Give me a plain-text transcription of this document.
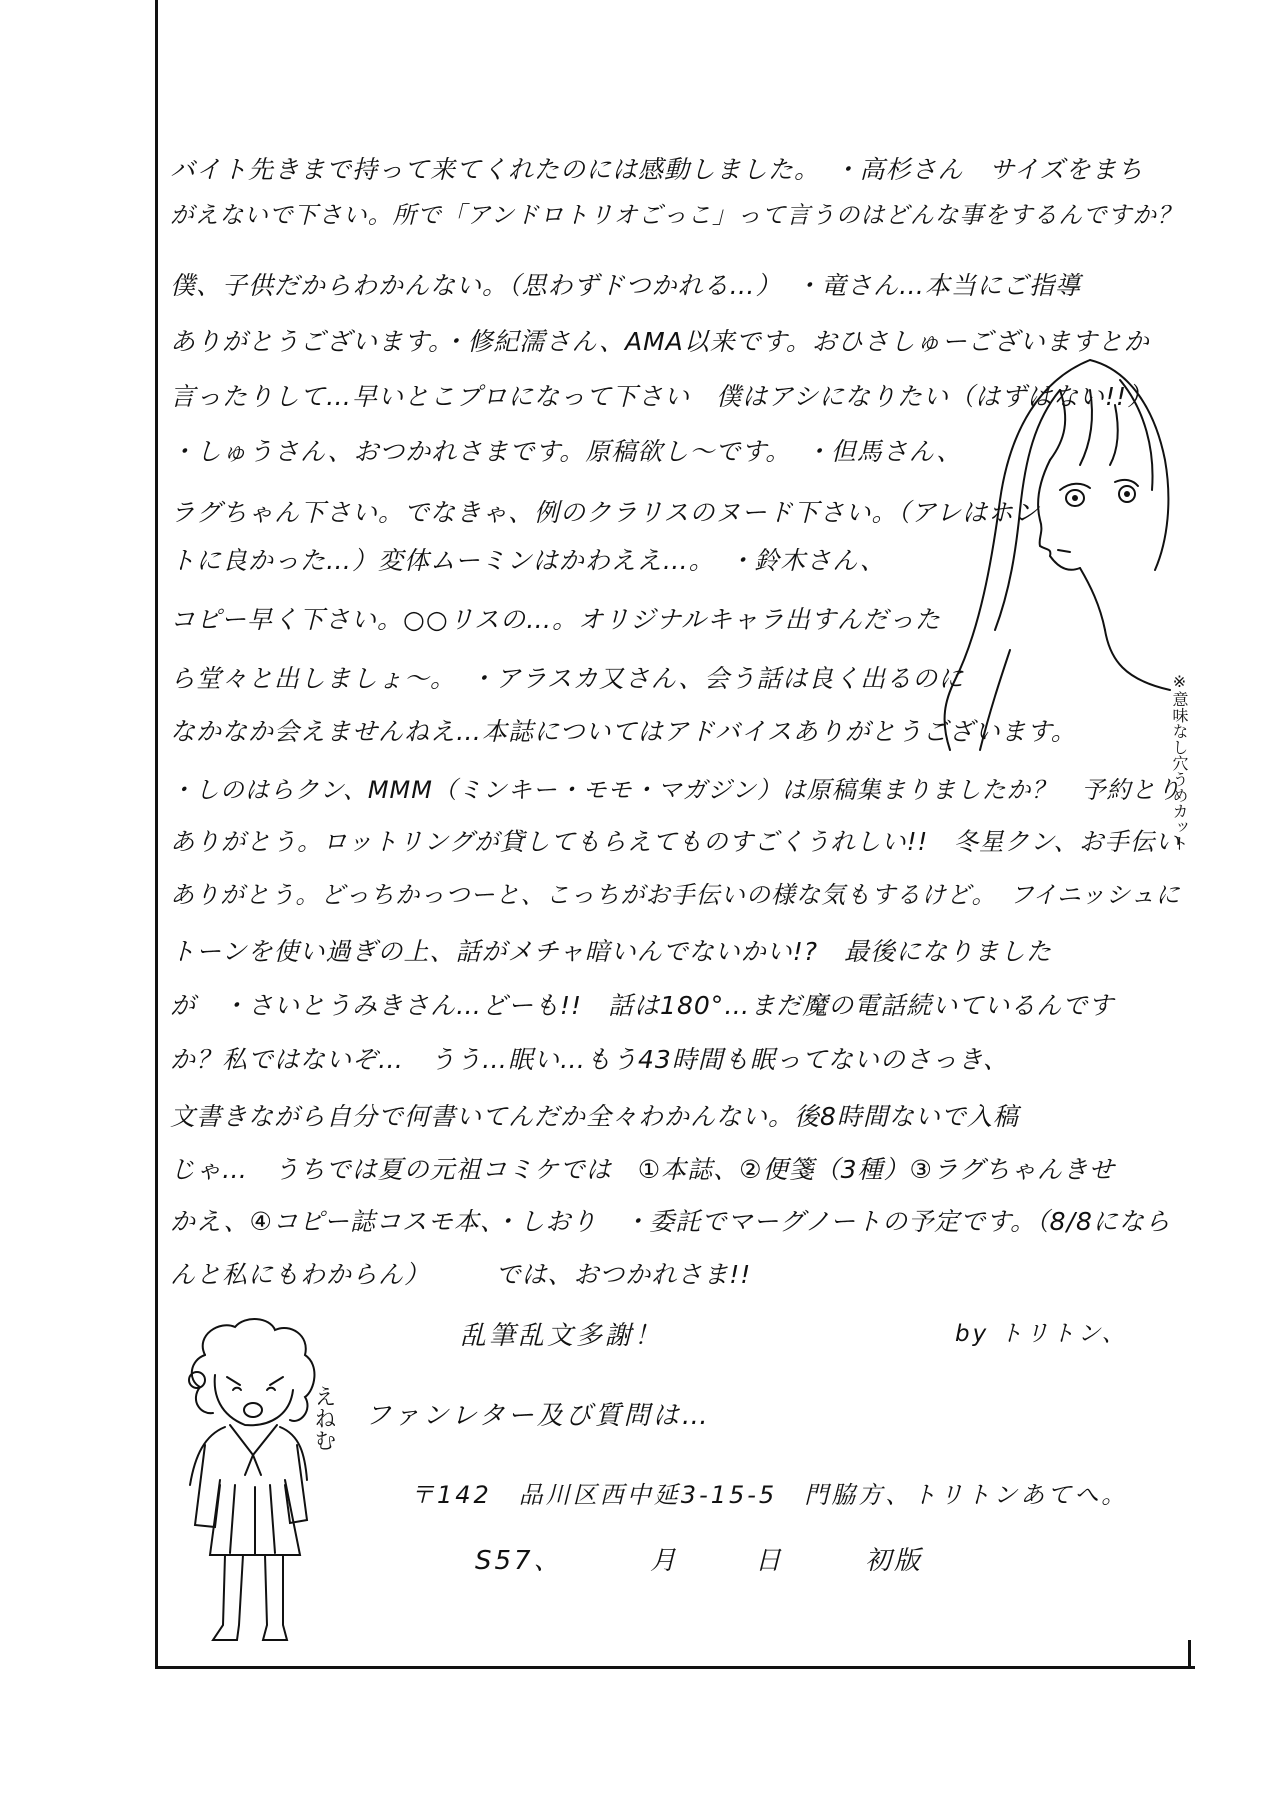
バイト先きまで持って来てくれたのには感動しました。　・高杉さん　サイズをまち
がえないで下さい。所で「アンドロトリオごっこ」って言うのはどんな事をするんですか？
僕、子供だからわかんない。（思わずドつかれる…）　・竜さん…本当にご指導
ありがとうございます。・修紀濡さん、AMA以来です。おひさしゅーございますとか
言ったりして…早いとこプロになって下さい　僕はアシになりたい（はずはない!!）
・しゅうさん、おつかれさまです。原稿欲し〜です。　・但馬さん、
ラグちゃん下さい。でなきゃ、例のクラリスのヌード下さい。（アレはホン
トに良かった…）変体ムーミンはかわええ…。　・鈴木さん、
コピー早く下さい。○○リスの…。オリジナルキャラ出すんだった
ら堂々と出しましょ〜。　・アラスカ又さん、会う話は良く出るのに
なかなか会えませんねえ…本誌についてはアドバイスありがとうございます。
・しのはらクン、MMM（ミンキー・モモ・マガジン）は原稿集まりましたか？　予約とり
ありがとう。ロットリングが貸してもらえてものすごくうれしい!!　冬星クン、お手伝い
ありがとう。どっちかっつーと、こっちがお手伝いの様な気もするけど。　フイニッシュに
トーンを使い過ぎの上、話がメチャ暗いんでないかい!?　最後になりました
が　・さいとうみきさん…どーも!!　話は180°…まだ魔の電話続いているんです
か？私ではないぞ…　うう…眠い…もう43時間も眠ってないのさっき、
文書きながら自分で何書いてんだか全々わかんない。後8時間ないで入稿
じゃ…　うちでは夏の元祖コミケでは　①本誌、②便箋（3種）③ラグちゃんきせ
かえ、④コピー誌コスモ本、・しおり　・委託でマーグノートの予定です。（8/8になら
んと私にもわからん）　　　では、おつかれさま!!
※意味なし穴うめカット
乱筆乱文多謝！	by トリトン、
ファンレター及び質問は…
〒142　品川区西中延3-15-5　門脇方、トリトンあてへ。
S57、	月	日	初版
えねむ
